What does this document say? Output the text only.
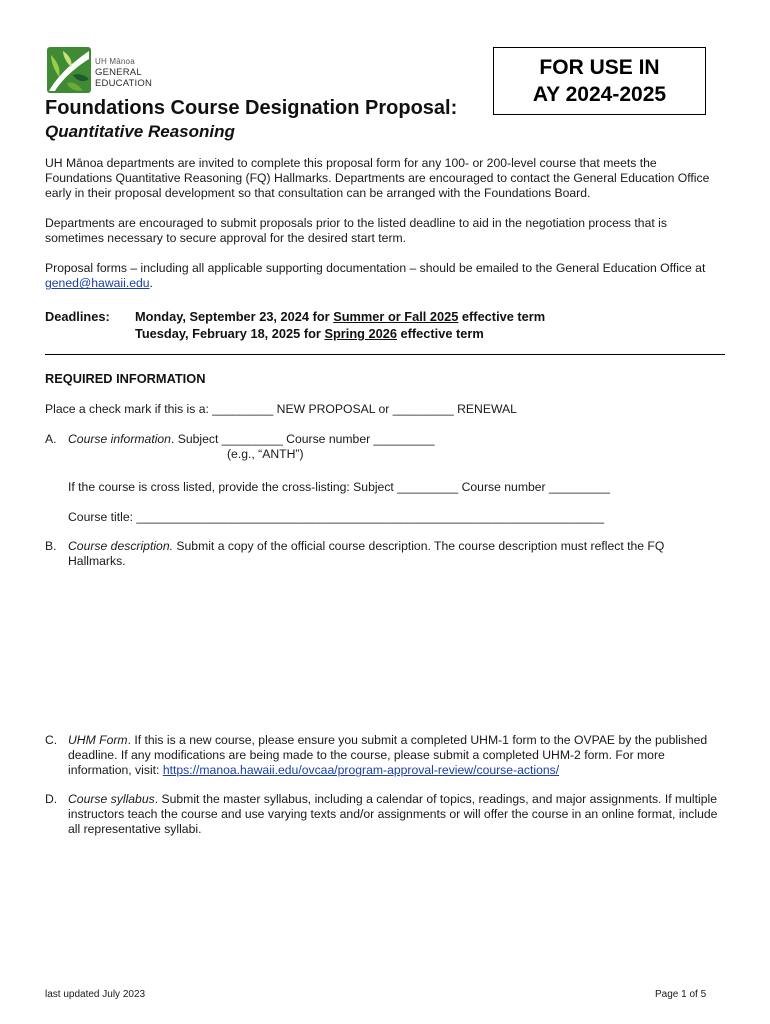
UH Mānoa
GENERAL
EDUCATION
FOR USE IN
AY 2024-2025
Foundations Course Designation Proposal:
Quantitative Reasoning
UH Mānoa departments are invited to complete this proposal form for any 100- or 200-level course that meets the Foundations Quantitative Reasoning (FQ) Hallmarks. Departments are encouraged to contact the General Education Office early in their proposal development so that consultation can be arranged with the Foundations Board.
Departments are encouraged to submit proposals prior to the listed deadline to aid in the negotiation process that is sometimes necessary to secure approval for the desired start term.
Proposal forms – including all applicable supporting documentation – should be emailed to the General Education Office at gened@hawaii.edu.
Deadlines:	Monday, September 23, 2024 for Summer or Fall 2025 effective term
Tuesday, February 18, 2025 for Spring 2026 effective term
REQUIRED INFORMATION
Place a check mark if this is a: _________ NEW PROPOSAL or _________ RENEWAL
A. Course information. Subject _________ Course number _________
(e.g., “ANTH”)
If the course is cross listed, provide the cross-listing: Subject _________ Course number _________
Course title: _____________________________________________________________________
B. Course description. Submit a copy of the official course description. The course description must reflect the FQ Hallmarks.
C. UHM Form. If this is a new course, please ensure you submit a completed UHM-1 form to the OVPAE by the published deadline. If any modifications are being made to the course, please submit a completed UHM-2 form. For more information, visit: https://manoa.hawaii.edu/ovcaa/program-approval-review/course-actions/
D. Course syllabus. Submit the master syllabus, including a calendar of topics, readings, and major assignments. If multiple instructors teach the course and use varying texts and/or assignments or will offer the course in an online format, include all representative syllabi.
last updated July 2023	Page 1 of 5
